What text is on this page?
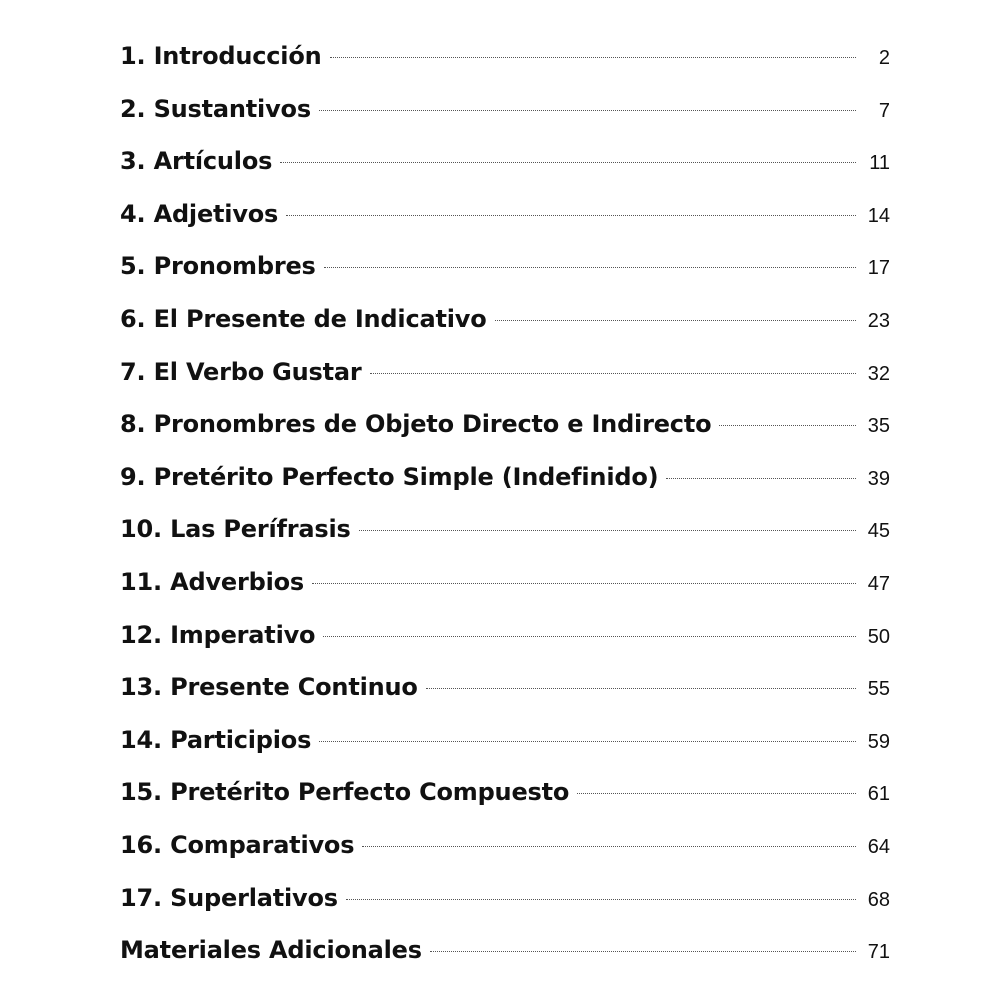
1. Introducción	2
2. Sustantivos	7
3. Artículos	11
4. Adjetivos	14
5. Pronombres	17
6. El Presente de Indicativo	23
7. El Verbo Gustar	32
8. Pronombres de Objeto Directo e Indirecto	35
9. Pretérito Perfecto Simple (Indefinido)	39
10. Las Perífrasis	45
11. Adverbios	47
12. Imperativo	50
13. Presente Continuo	55
14. Participios	59
15. Pretérito Perfecto Compuesto	61
16. Comparativos	64
17. Superlativos	68
Materiales Adicionales	71
